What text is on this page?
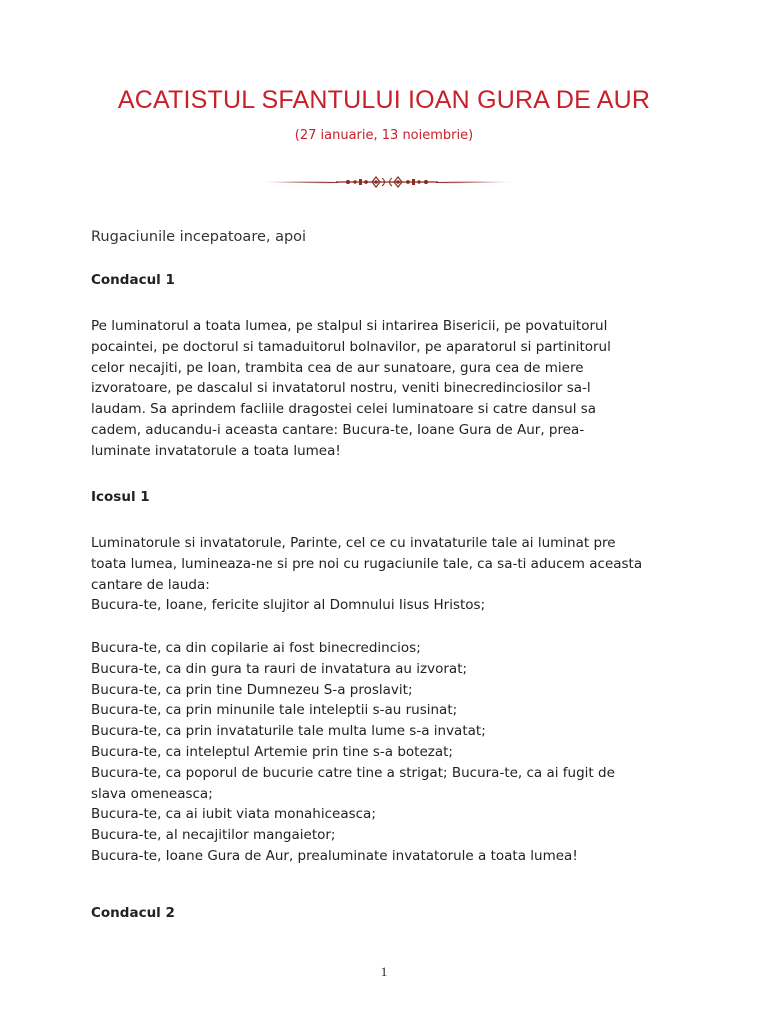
ACATISTUL SFANTULUI IOAN GURA DE AUR
(27 ianuarie, 13 noiembrie)
Rugaciunile incepatoare, apoi
Condacul 1
Pe luminatorul a toata lumea, pe stalpul si intarirea Bisericii, pe povatuitorul
pocaintei, pe doctorul si tamaduitorul bolnavilor, pe aparatorul si partinitorul
celor necajiti, pe Ioan, trambita cea de aur sunatoare, gura cea de miere
izvoratoare, pe dascalul si invatatorul nostru, veniti binecredinciosilor sa-l
laudam. Sa aprindem facliile dragostei celei luminatoare si catre dansul sa
cadem, aducandu-i aceasta cantare: Bucura-te, Ioane Gura de Aur, prea-
luminate invatatorule a toata lumea!
Icosul 1
Luminatorule si invatatorule, Parinte, cel ce cu invataturile tale ai luminat pre
toata lumea, lumineaza-ne si pre noi cu rugaciunile tale, ca sa-ti aducem aceasta
cantare de lauda:
Bucura-te, Ioane, fericite slujitor al Domnului Iisus Hristos;
Bucura-te, ca din copilarie ai fost binecredincios;
Bucura-te, ca din gura ta rauri de invatatura au izvorat;
Bucura-te, ca prin tine Dumnezeu S-a proslavit;
Bucura-te, ca prin minunile tale inteleptii s-au rusinat;
Bucura-te, ca prin invataturile tale multa lume s-a invatat;
Bucura-te, ca inteleptul Artemie prin tine s-a botezat;
Bucura-te, ca poporul de bucurie catre tine a strigat; Bucura-te, ca ai fugit de
slava omeneasca;
Bucura-te, ca ai iubit viata monahiceasca;
Bucura-te, al necajitilor mangaietor;
Bucura-te, Ioane Gura de Aur, prealuminate invatatorule a toata lumea!
Condacul 2
1
